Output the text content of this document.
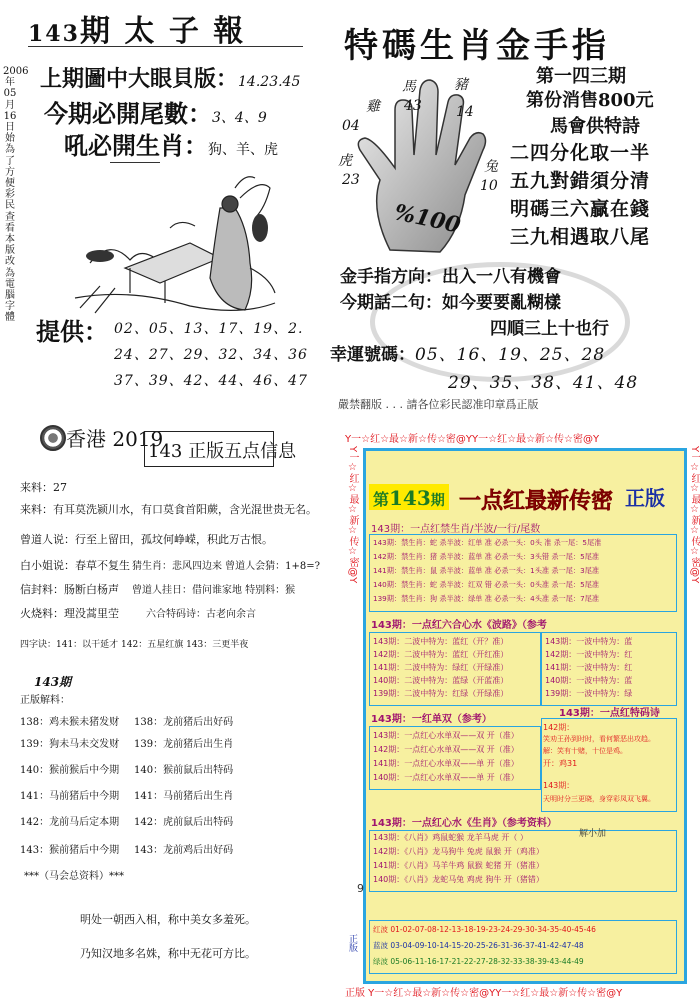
143期 太 子 報
2006
年
05
月
16
日
始
為
了
方
便
彩
民
查
看
本
版
改
為
電
腦
字
體
上期圖中大眼貝版：14.23.45
今期必開尾數：3、4、9
吼必開生肖：狗、羊、虎
提供： 02、05、13、17、19、2.
24、27、29、32、34、36
37、39、42、44、46、47
特碼生肖金手指
第一四三期
第份消售800元
馬會供特詩
二四分化取一半
五九對錯須分清
明碼三六贏在錢
三九相遇取八尾
馬
43
豬
14
雞
04
虎
23
兔
10
%100
金手指方向：出入一八有機會
今期話二句：如今要要亂糊樣
四順三上十也行
幸運號碼：05、16、19、25、28
29、35、38、41、48
嚴禁翻版 . . . 請各位彩民認准印章爲正版
香港 2019
143 正版五点信息
来料：27
来料：有耳莫洗颍川水，有口莫食首阳蕨，含光混世贵无名。
曾道人说：行至上留田，孤坟何峥嵘，积此万古恨。
白小姐说：春草不复生
信封料：肠断白杨声
火烧料：理没蒿里茔
猜生肖：悲风四边来 曾道人会猜：1+8=?
曾道人挂日：借问谁家地 特别料：猴
六合特码诗：古老向余言
四字诀：141：以干延才 142：五星红旗 143：三更半夜
143期
正版解料：
138：鸡未猴未猪发财
139：狗未马未交发财
140：猴前猴后中今期
141：马前猪后中今期
142：龙前马后定本期
143：猴前猪后中今期
138：龙前猪后出好码
139：龙前猪后出生肖
140：猴前鼠后出特码
141：马前猪后出生肖
142：虎前鼠后出特码
143：龙前鸡后出好码
***（马会总资料）***
明处一朝西入相，称中美女多羞死。
乃知汉地多名姝，称中无花可方比。
Y一☆红☆最☆新☆传☆密@YY一☆红☆最☆新☆传☆密@Y
正版 Y一☆红☆最☆新☆传☆密@YY一☆红☆最☆新☆传☆密@Y
Y一☆红☆最☆新☆传☆密@Y	Y一☆红☆最☆新☆传☆密@Y
正版
第143期 一点红最新传密 正版
143期：一点红禁生肖/半波/一行/尾数
143期：禁生肖：蛇 杀半波：红单 准 必杀一头：0头 准 杀一尾：5尾准
142期：禁生肖：猪 杀半波：蓝单 准 必杀一头：3头错 杀一尾：5尾准
141期：禁生肖：鼠 杀半波：蓝单 准 必杀一头：1头准 杀一尾：3尾准
140期：禁生肖：蛇 杀半波：红双 错 必杀一头：0头准 杀一尾：5尾准
139期：禁生肖：狗 杀半波：绿单 准 必杀一头：4头准 杀一尾：7尾准
143期：一点红六合心水《波路》（参考
143期：二波中特为：蓝红（开？准）
142期：二波中特为：蓝红（开红准）
141期：二波中特为：绿红（开绿准）
140期：二波中特为：蓝绿（开蓝准）
139期：二波中特为：红绿（开绿准）
143期：一波中特为：蓝
142期：一波中特为：红
141期：一波中特为：红
140期：一波中特为：蓝
139期：一波中特为：绿
143期：一红单双（参考）
143期：一点红心水单双——双 开（准）
142期：一点红心水单双——双 开（准）
141期：一点红心水单双——单 开（准）
140期：一点红心水单双——单 开（准）
143期：一点红特码诗
142期：
笑劝王孙到时时，看何繁恶出攻趋。
解：笑有十赌，十位是鸡。
开：鸡31
143期：
天明时分三更晓，身穿彩凤双飞翼。
143期：一点红心水《生肖》（参考资料）
143期：《八肖》鸡鼠蛇猴 龙羊马虎 开（ ）
142期：《八肖》龙马狗牛 兔虎 鼠猴 开（鸡准）
141期：《八肖》马羊牛鸡 鼠猴 蛇猪 开（猪准）
140期：《八肖》龙蛇马兔 鸡虎 狗牛 开（猪错）
解小加
9
红波 01-02-07-08-12-13-18-19-23-24-29-30-34-35-40-45-46
蓝波 03-04-09-10-14-15-20-25-26-31-36-37-41-42-47-48
绿波 05-06-11-16-17-21-22-27-28-32-33-38-39-43-44-49
